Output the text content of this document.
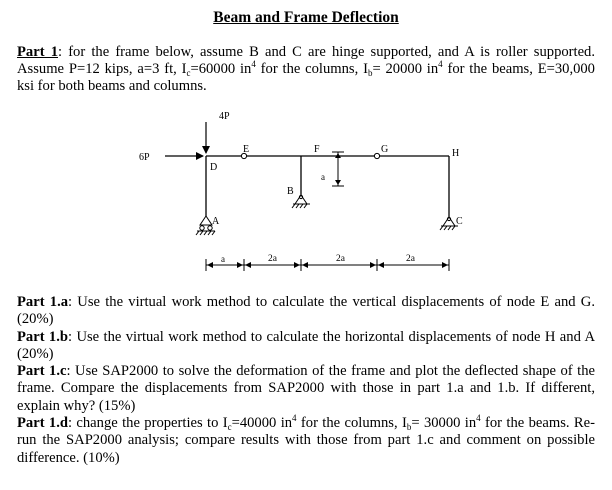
Beam and Frame Deflection
Part 1: for the frame below, assume B and C are hinge supported, and A is roller supported. Assume P=12 kips, a=3 ft, $I_c=60000$ $in^4$ for the columns, $I_b= 20000$ $in^4$ for the beams, E=30,000 ksi for both beams and columns.
4P
6P
a
D
E	F	G	H
B
A	C
a	2a	2a	2a

Part 1.a: Use the virtual work method to calculate the vertical displacements of node E and G. (20%)

Part 1.b: Use the virtual work method to calculate the horizontal displacements of node H and A (20%)

Part 1.c: Use SAP2000 to solve the deformation of the frame and plot the deflected shape of the frame. Compare the displacements from SAP2000 with those in part 1.a and 1.b. If different, explain why? (15%)

Part 1.d: change the properties to $I_c=40000$ $in^4$ for the columns, $I_b= 30000$ $in^4$ for the beams. Re-run the SAP2000 analysis; compare results with those from part 1.c and comment on possible difference. (10%)
